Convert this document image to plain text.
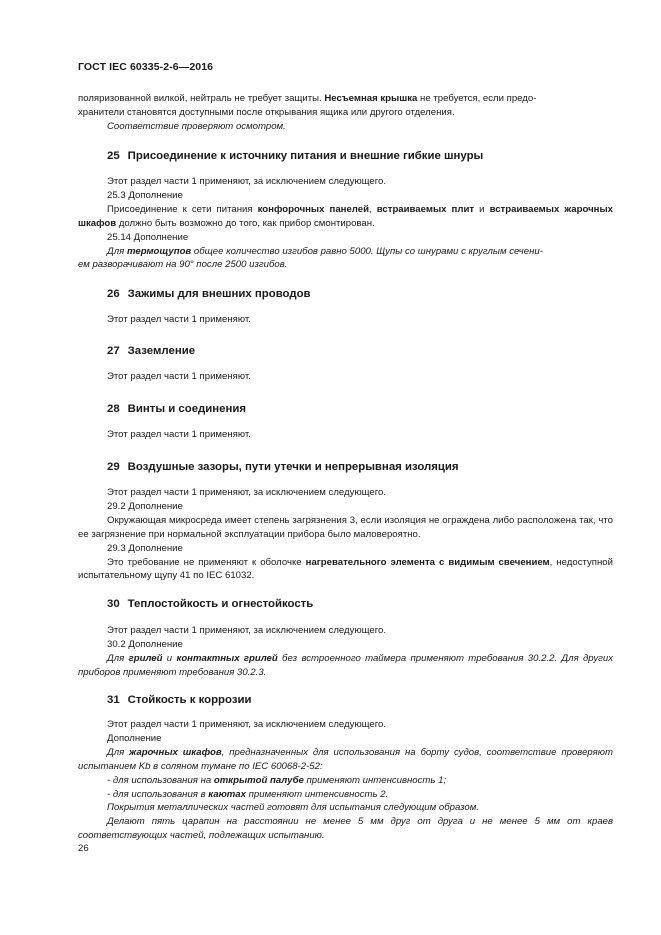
ГОСТ IEC 60335-2-6—2016

поляризованной вилкой, нейтраль не требует защиты. Несъемная крышка не требуется, если предо-

хранители становятся доступными после открывания ящика или другого отделения.

Соответствие проверяют осмотром.

25 Присоединение к источнику питания и внешние гибкие шнуры

Этот раздел части 1 применяют, за исключением следующего.

25.3 Дополнение

Присоединение к сети питания конфорочных панелей, встраиваемых плит и встраиваемых жарочных шкафов должно быть возможно до того, как прибор смонтирован.

25.14 Дополнение

Для термощупов общее количество изгибов равно 5000. Щупы со шнурами с круглым сечени-

ем разворачивают на 90° после 2500 изгибов.

26 Зажимы для внешних проводов

Этот раздел части 1 применяют.

27 Заземление

Этот раздел части 1 применяют.

28 Винты и соединения

Этот раздел части 1 применяют.

29 Воздушные зазоры, пути утечки и непрерывная изоляция

Этот раздел части 1 применяют, за исключением следующего.

29.2 Дополнение

Окружающая микросреда имеет степень загрязнения 3, если изоляция не ограждена либо расположена так, что ее загрязнение при нормальной эксплуатации прибора было маловероятно.

29.3 Дополнение

Это требование не применяют к оболочке нагревательного элемента с видимым свечением, недоступной испытательному щупу 41 по IEC 61032.

30 Теплостойкость и огнестойкость

Этот раздел части 1 применяют, за исключением следующего.

30.2 Дополнение

Для грилей и контактных грилей без встроенного таймера применяют требования 30.2.2. Для других приборов применяют требования 30.2.3.

31 Стойкость к коррозии

Этот раздел части 1 применяют, за исключением следующего.

Дополнение

Для жарочных шкафов, предназначенных для использования на борту судов, соответствие проверяют испытанием Kb в соляном тумане по IEC 60068-2-52:

- для использования на открытой палубе применяют интенсивность 1;

- для использования в каютах применяют интенсивность 2.

Покрытия металлических частей готовят для испытания следующим образом.

Делают пять царапин на расстоянии не менее 5 мм друг от друга и не менее 5 мм от краев соответствующих частей, подлежащих испытанию.

26
